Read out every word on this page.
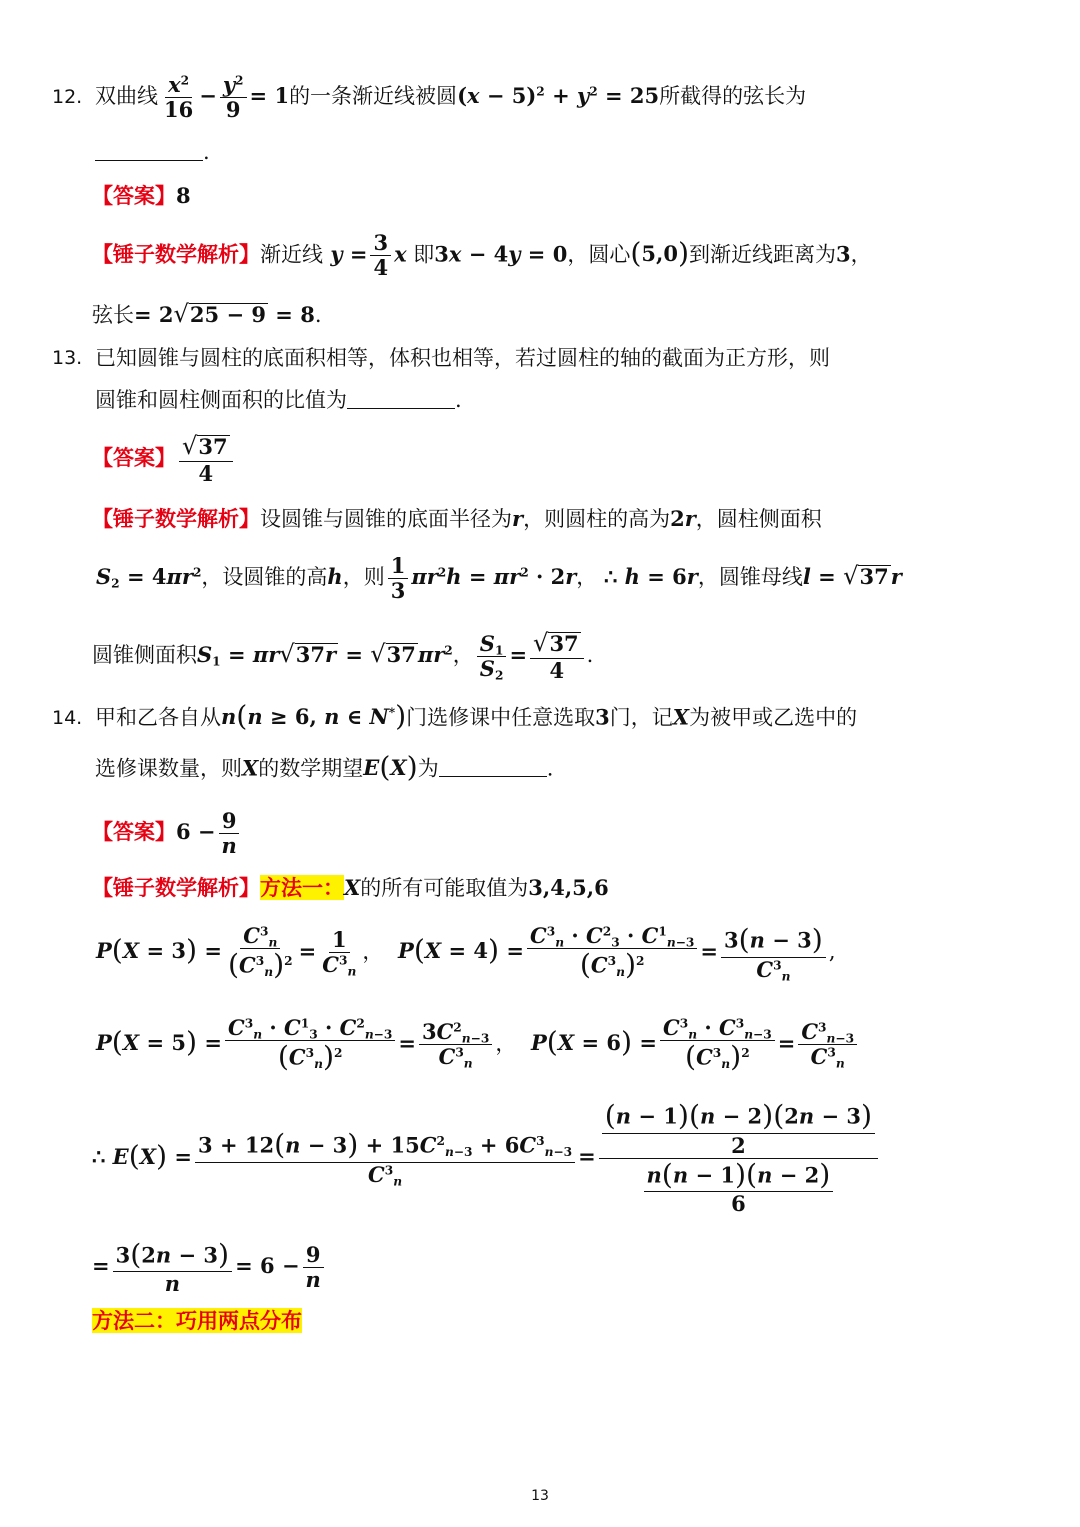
12. 双曲线 $\frac{x^2}{16} - \frac{y^2}{9} = 1$的一条渐近线被圆$(x - 5)^2 + y^2 = 25$所截得的弦长为
.
【答案】8
【锤子数学解析】渐近线 $y = \frac{3}{4}$ x 即3x − 4y = 0，圆心(5,0)到渐近线距离为3，
弦长= 2√25 − 9 = 8.
13. 已知圆锥与圆柱的底面积相等，体积也相等，若过圆柱的轴的截面为正方形，则
圆锥和圆柱侧面积的比值为	.
【答案】 $\frac{√37}{4}$
【锤子数学解析】设圆锥与圆锥的底面半径为r，则圆柱的高为2r，圆柱侧面积
$S_2 = 4\pi r^2$，设圆锥的高h，则 $\frac{1}{3} \pi r^2h = \pi r^2 \cdot 2r$， ∴ h = 6r，圆锥母线l = √37r
圆锥侧面积$S_1 = \pi r√37r = √37\pi r^2$， $\frac{S_1}{S_2} = \frac{√37}{4}$ .
14. 甲和乙各自从n(n ≥ 6, n ∈ N*)门选修课中任意选取3门，记X为被甲或乙选中的
选修课数量，则X的数学期望E(X)为	.
【答案】$6 - \frac{9}{n}$
【锤子数学解析】方法一：X的所有可能取值为3,4,5,6
$P(X = 3) = \frac{C^3_n}{(C^3_n)^2} = \frac{1}{C^3_n}$ ， $P(X = 4) = \frac{C^3_n \cdot C^2_3 \cdot C^1_{n-3}}{(C^3_n)^2} = \frac{3(n - 3)}{C^3_n}$ ,
$P(X = 5) = \frac{C^3_n \cdot C^1_3 \cdot C^2_{n-3}}{(C^3_n)^2} = \frac{3C^2_{n-3}}{C^3_n}$ ， $P(X = 6) = \frac{C^3_n \cdot C^3_{n-3}}{(C^3_n)^2} = \frac{C^3_{n-3}}{C^3_n}$
∴ $E(X) = \frac{3 + 12(n - 3) + 15C^2_{n-3} + 6C^3_{n-3}}{C^3_n} = \frac{\frac{(n - 1)(n - 2)(2n - 3)}{2}}{\frac{n(n - 1)(n - 2)}{6}}$
= $\frac{3(2n - 3)}{n} = 6 - \frac{9}{n}$
方法二：巧用两点分布
13
